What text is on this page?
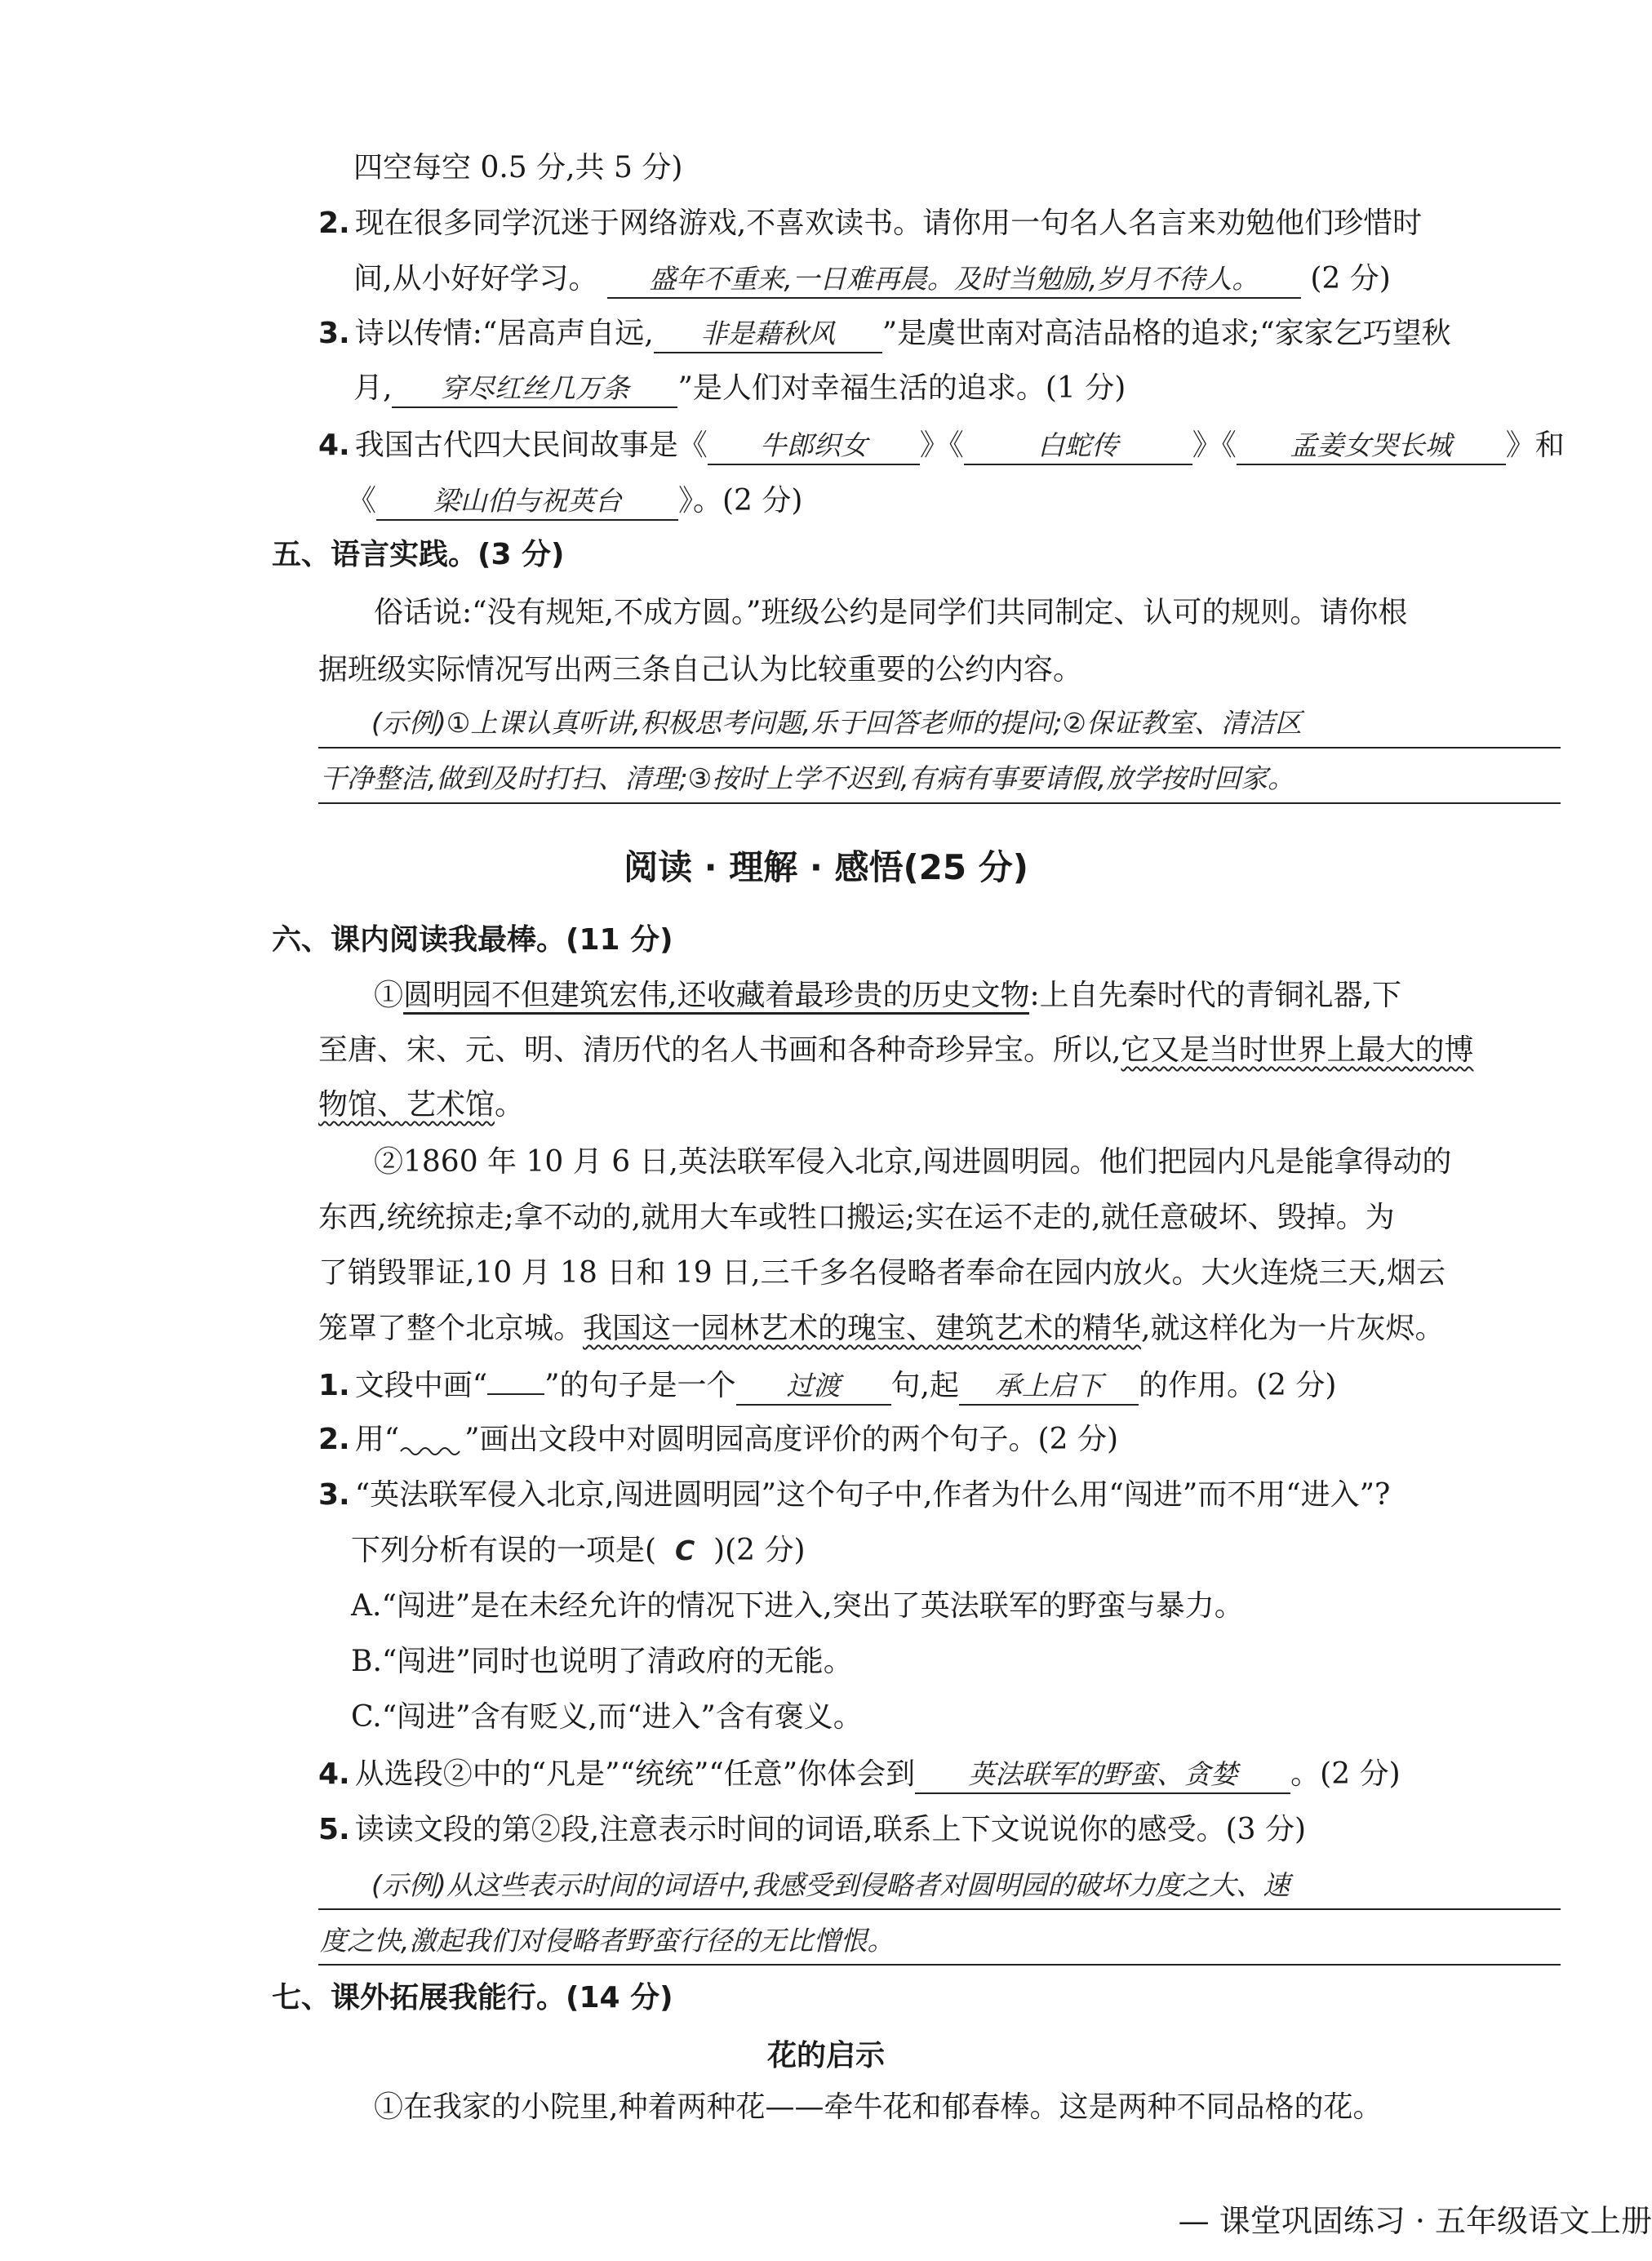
四空每空 0.5 分,共 5 分)
2. 现在很多同学沉迷于网络游戏,不喜欢读书。请你用一句名人名言来劝勉他们珍惜时
间,从小好好学习。 盛年不重来,一日难再晨。及时当勉励,岁月不待人。 (2 分)
3. 诗以传情:“居高声自远, 非是藉秋风 ”是虞世南对高洁品格的追求;“家家乞巧望秋
月, 穿尽红丝几万条 ”是人们对幸福生活的追求。(1 分)
4. 我国古代四大民间故事是《 牛郎织女 》《	白蛇传	》《 孟姜女哭长城 》和
《 梁山伯与祝英台 》。(2 分)
五、语言实践。(3 分)
俗话说:“没有规矩,不成方圆。”班级公约是同学们共同制定、认可的规则。请你根
据班级实际情况写出两三条自己认为比较重要的公约内容。
(示例)①上课认真听讲,积极思考问题,乐于回答老师的提问;②保证教室、清洁区
干净整洁,做到及时打扫、清理;③按时上学不迟到,有病有事要请假,放学按时回家。
阅读 · 理解 · 感悟(25 分)
六、课内阅读我最棒。(11 分)
①圆明园不但建筑宏伟,还收藏着最珍贵的历史文物:上自先秦时代的青铜礼器,下
至唐、宋、元、明、清历代的名人书画和各种奇珍异宝。所以,它又是当时世界上最大的博
物馆、艺术馆。
②1860 年 10 月 6 日,英法联军侵入北京,闯进圆明园。他们把园内凡是能拿得动的
东西,统统掠走;拿不动的,就用大车或牲口搬运;实在运不走的,就任意破坏、毁掉。为
了销毁罪证,10 月 18 日和 19 日,三千多名侵略者奉命在园内放火。大火连烧三天,烟云
笼罩了整个北京城。我国这一园林艺术的瑰宝、建筑艺术的精华,就这样化为一片灰烬。
1. 文段中画“ ”的句子是一个 过渡 句,起 承上启下 的作用。(2 分)
2. 用“ ”画出文段中对圆明园高度评价的两个句子。(2 分)
3. “英法联军侵入北京,闯进圆明园”这个句子中,作者为什么用“闯进”而不用“进入”?
下列分析有误的一项是( C )(2 分)
A.“闯进”是在未经允许的情况下进入,突出了英法联军的野蛮与暴力。
B.“闯进”同时也说明了清政府的无能。
C.“闯进”含有贬义,而“进入”含有褒义。
4. 从选段②中的“凡是”“统统”“任意”你体会到 英法联军的野蛮、贪婪 。(2 分)
5. 读读文段的第②段,注意表示时间的词语,联系上下文说说你的感受。(3 分)
(示例)从这些表示时间的词语中,我感受到侵略者对圆明园的破坏力度之大、速
度之快,激起我们对侵略者野蛮行径的无比憎恨。
七、课外拓展我能行。(14 分)
花的启示
①在我家的小院里,种着两种花——牵牛花和郁春棒。这是两种不同品格的花。
— 课堂巩固练习 · 五年级语文上册
